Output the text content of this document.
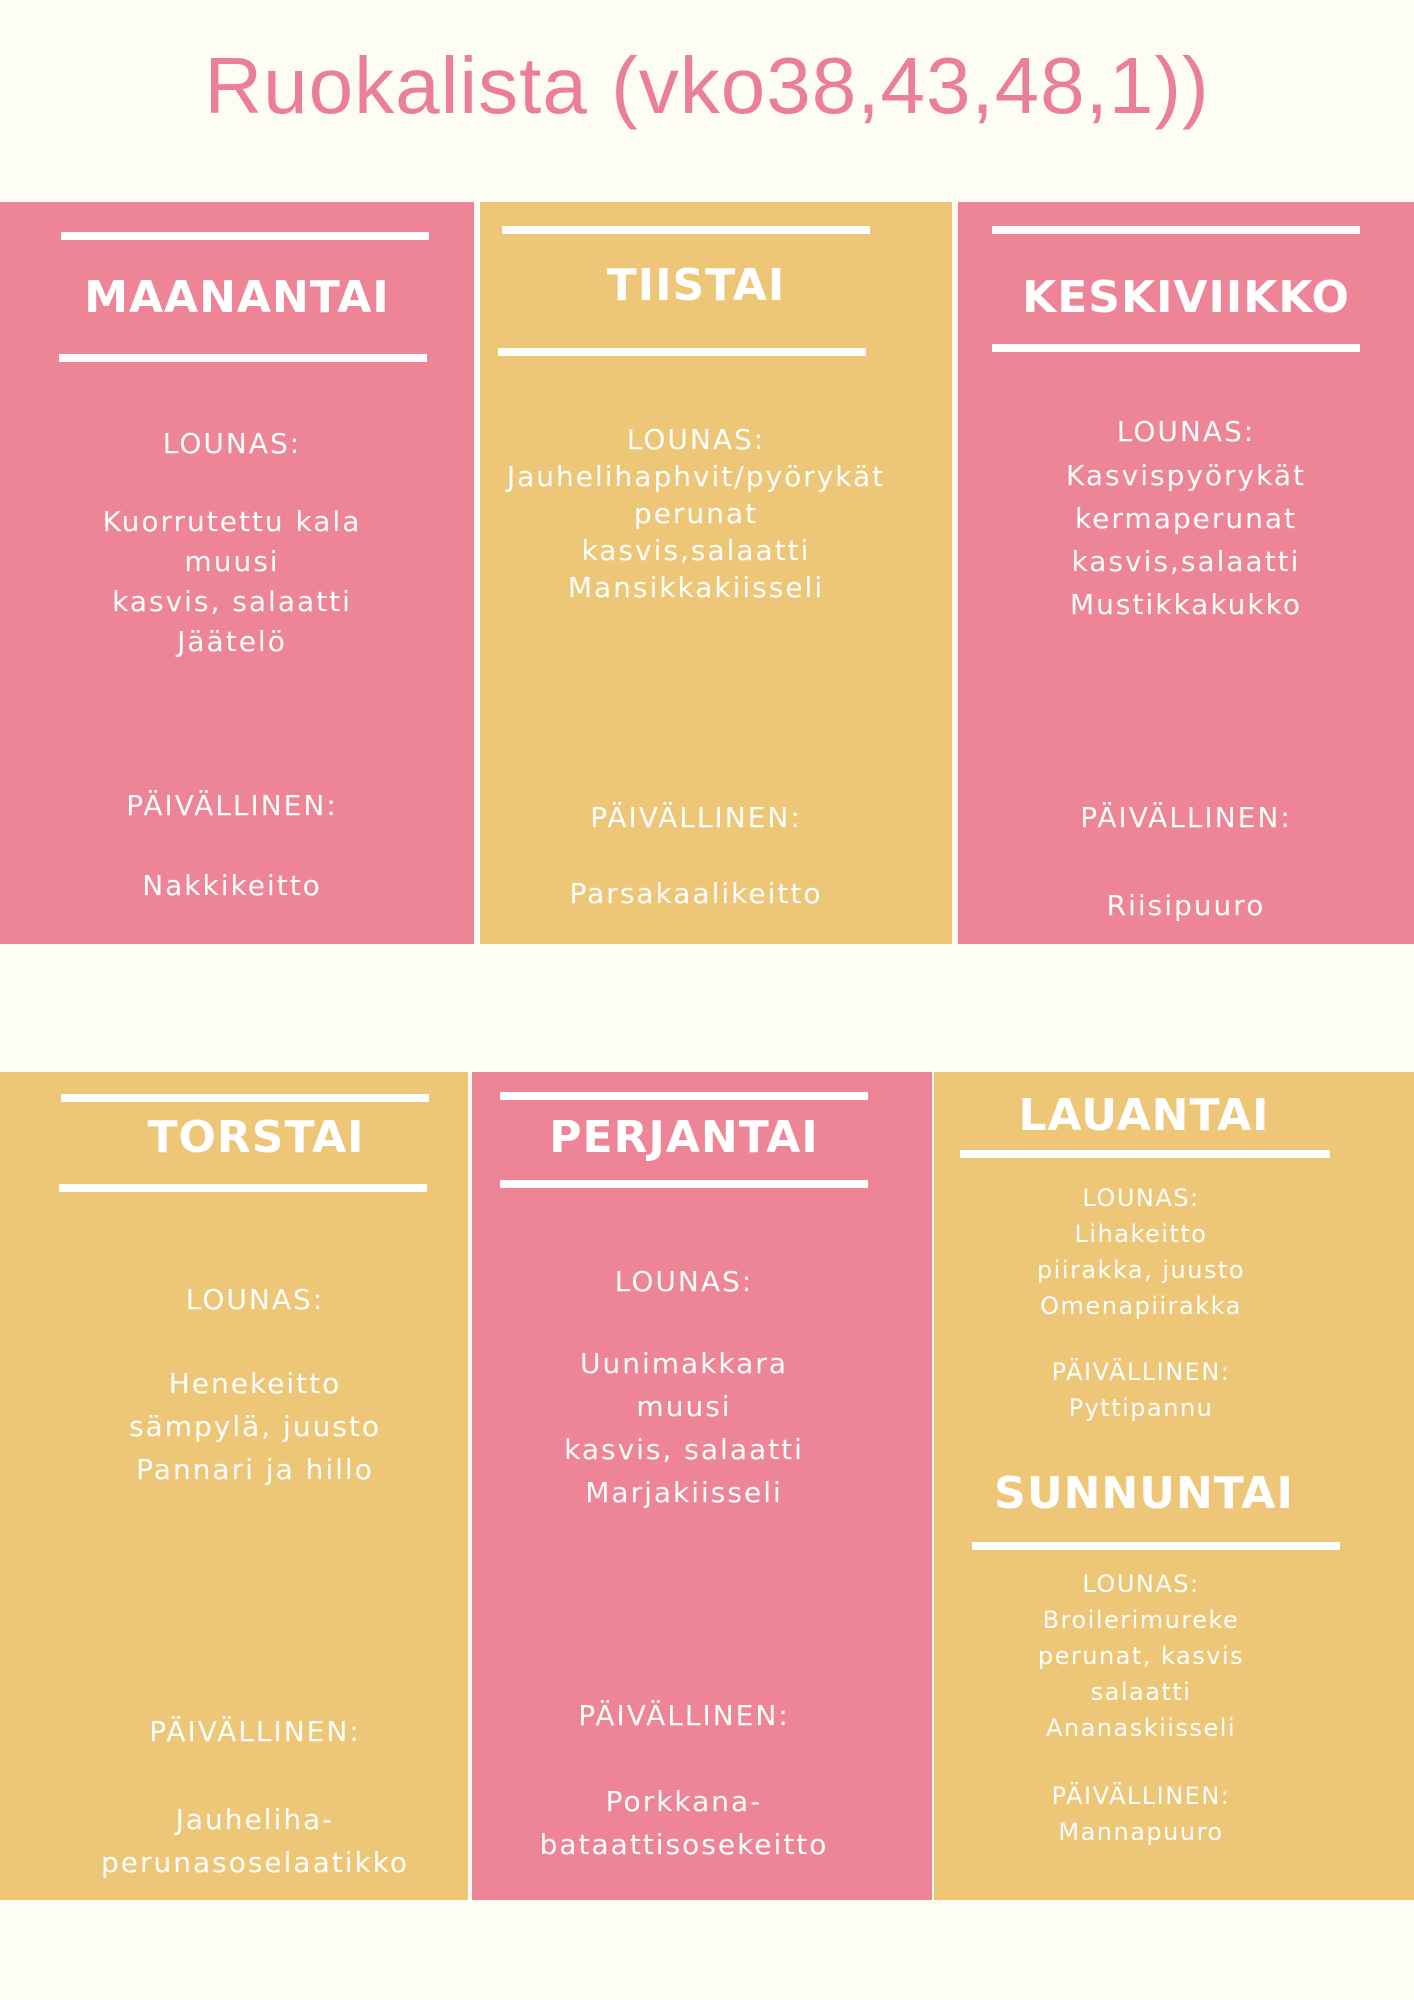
Ruokalista (vko38,43,48,1))
MAANANTAI
LOUNAS:
Kuorrutettu kala
muusi
kasvis, salaatti
Jäätelö
PÄIVÄLLINEN:
Nakkikeitto
TIISTAI
LOUNAS:
Jauhelihaphvit/pyörykät
perunat
kasvis,salaatti
Mansikkakiisseli
PÄIVÄLLINEN:
Parsakaalikeitto
KESKIVIIKKO
LOUNAS:
Kasvispyörykät
kermaperunat
kasvis,salaatti
Mustikkakukko
PÄIVÄLLINEN:
Riisipuuro
TORSTAI
LOUNAS:
Henekeitto
sämpylä, juusto
Pannari ja hillo
PÄIVÄLLINEN:
Jauheliha-
perunasoselaatikko
PERJANTAI
LOUNAS:
Uunimakkara
muusi
kasvis, salaatti
Marjakiisseli
PÄIVÄLLINEN:
Porkkana-
bataattisosekeitto
LAUANTAI
LOUNAS:
Lihakeitto
piirakka, juusto
Omenapiirakka
PÄIVÄLLINEN:
Pyttipannu
SUNNUNTAI
LOUNAS:
Broilerimureke
perunat, kasvis
salaatti
Ananaskiisseli
PÄIVÄLLINEN:
Mannapuuro
